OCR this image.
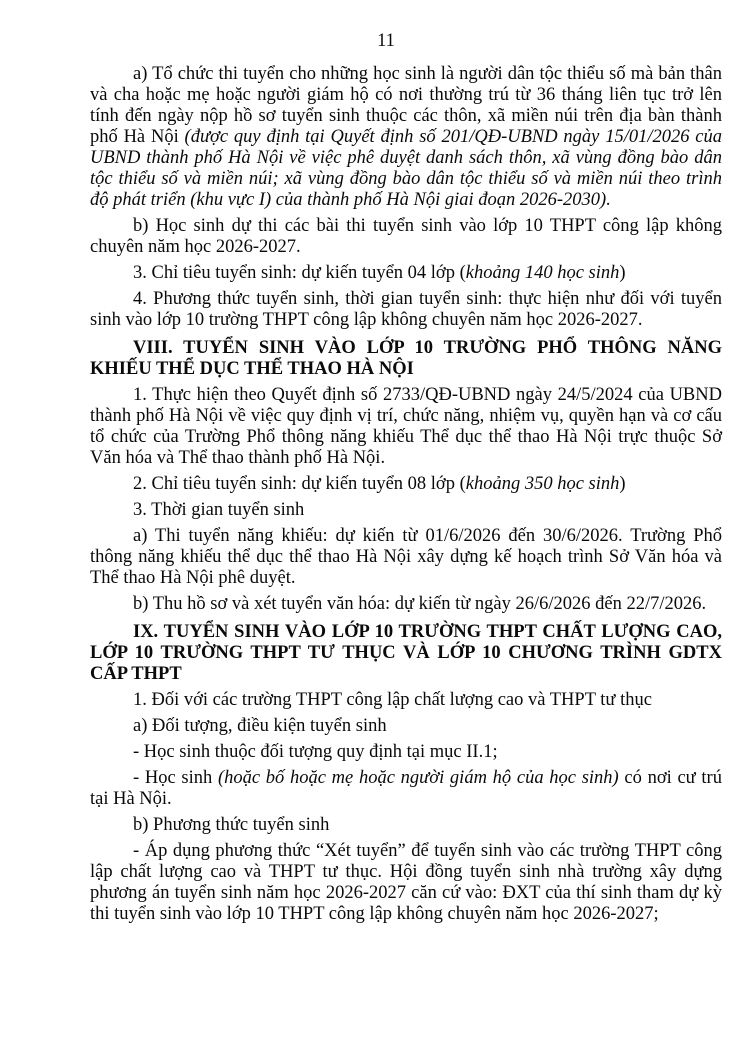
11

a) Tổ chức thi tuyển cho những học sinh là người dân tộc thiểu số mà bản thân và cha hoặc mẹ hoặc người giám hộ có nơi thường trú từ 36 tháng liên tục trở lên tính đến ngày nộp hồ sơ tuyển sinh thuộc các thôn, xã miền núi trên địa bàn thành phố Hà Nội (được quy định tại Quyết định số 201/QĐ-UBND ngày 15/01/2026 của UBND thành phố Hà Nội về việc phê duyệt danh sách thôn, xã vùng đồng bào dân tộc thiểu số và miền núi; xã vùng đồng bào dân tộc thiểu số và miền núi theo trình độ phát triển (khu vực I) của thành phố Hà Nội giai đoạn 2026-2030).

b) Học sinh dự thi các bài thi tuyển sinh vào lớp 10 THPT công lập không chuyên năm học 2026-2027.

3. Chỉ tiêu tuyển sinh: dự kiến tuyển 04 lớp (khoảng 140 học sinh)

4. Phương thức tuyển sinh, thời gian tuyển sinh: thực hiện như đối với tuyển sinh vào lớp 10 trường THPT công lập không chuyên năm học 2026-2027.

VIII. TUYỂN SINH VÀO LỚP 10 TRƯỜNG PHỔ THÔNG NĂNG KHIẾU THỂ DỤC THỂ THAO HÀ NỘI

1. Thực hiện theo Quyết định số 2733/QĐ-UBND ngày 24/5/2024 của UBND thành phố Hà Nội về việc quy định vị trí, chức năng, nhiệm vụ, quyền hạn và cơ cấu tổ chức của Trường Phổ thông năng khiếu Thể dục thể thao Hà Nội trực thuộc Sở Văn hóa và Thể thao thành phố Hà Nội.

2. Chỉ tiêu tuyển sinh: dự kiến tuyển 08 lớp (khoảng 350 học sinh)

3. Thời gian tuyển sinh

a) Thi tuyển năng khiếu: dự kiến từ 01/6/2026 đến 30/6/2026. Trường Phổ thông năng khiếu thể dục thể thao Hà Nội xây dựng kế hoạch trình Sở Văn hóa và Thể thao Hà Nội phê duyệt.

b) Thu hồ sơ và xét tuyển văn hóa: dự kiến từ ngày 26/6/2026 đến 22/7/2026.

IX. TUYỂN SINH VÀO LỚP 10 TRƯỜNG THPT CHẤT LƯỢNG CAO, LỚP 10 TRƯỜNG THPT TƯ THỤC VÀ LỚP 10 CHƯƠNG TRÌNH GDTX CẤP THPT

1. Đối với các trường THPT công lập chất lượng cao và THPT tư thục

a) Đối tượng, điều kiện tuyển sinh

- Học sinh thuộc đối tượng quy định tại mục II.1;

- Học sinh (hoặc bố hoặc mẹ hoặc người giám hộ của học sinh) có nơi cư trú tại Hà Nội.

b) Phương thức tuyển sinh

- Áp dụng phương thức “Xét tuyển” để tuyển sinh vào các trường THPT công lập chất lượng cao và THPT tư thục. Hội đồng tuyển sinh nhà trường xây dựng phương án tuyển sinh năm học 2026-2027 căn cứ vào: ĐXT của thí sinh tham dự kỳ thi tuyển sinh vào lớp 10 THPT công lập không chuyên năm học 2026-2027;
